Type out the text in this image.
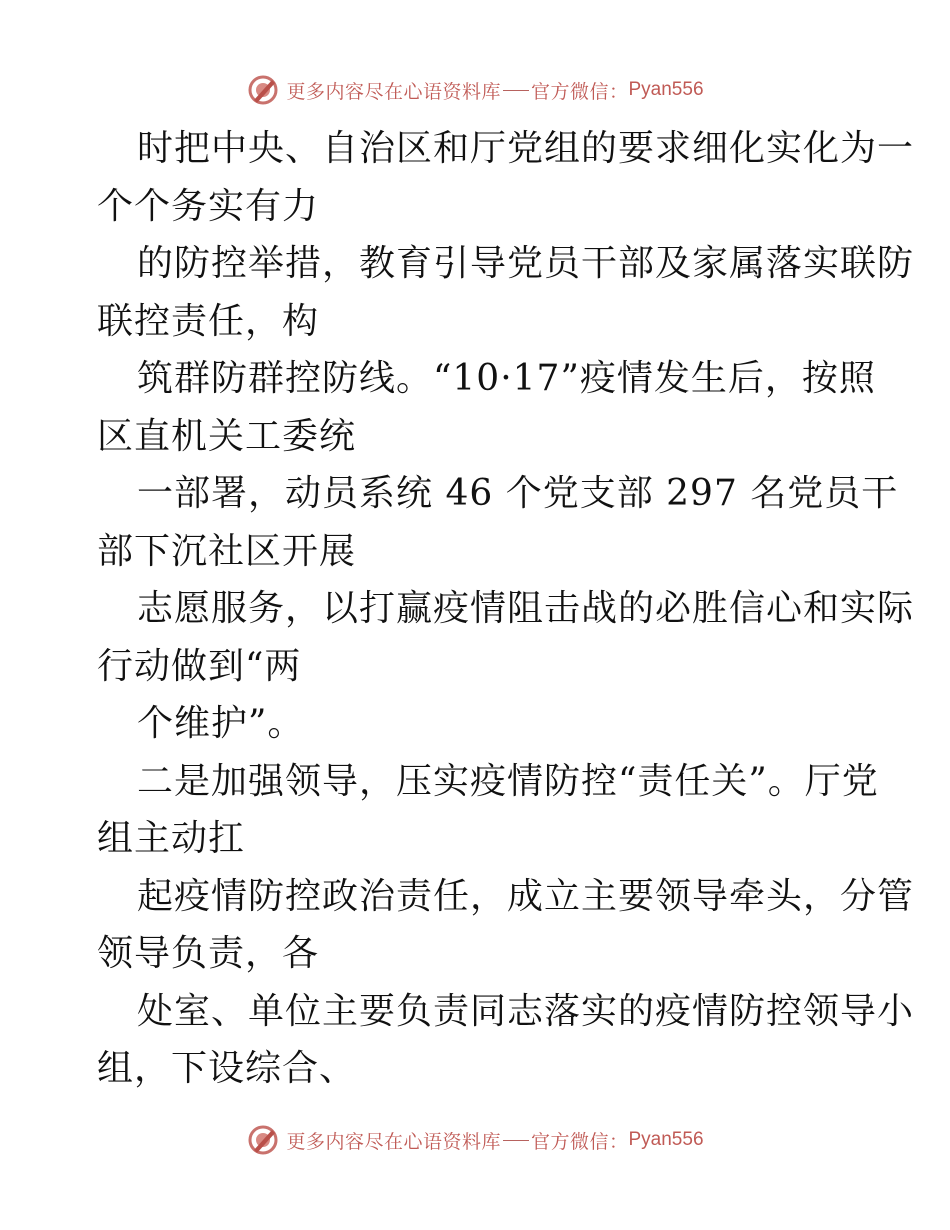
更多内容尽在心语资料库 官方微信： Pyan556
时把中央、自治区和厅党组的要求细化实化为一
个个务实有力
的防控举措，教育引导党员干部及家属落实联防
联控责任，构
筑群防群控防线。“10·17”疫情发生后，按照
区直机关工委统
一部署，动员系统 46 个党支部 297 名党员干
部下沉社区开展
志愿服务，以打赢疫情阻击战的必胜信心和实际
行动做到“两
个维护”。
二是加强领导，压实疫情防控“责任关”。厅党
组主动扛
起疫情防控政治责任，成立主要领导牵头，分管
领导负责，各
处室、单位主要负责同志落实的疫情防控领导小
组，下设综合、
更多内容尽在心语资料库 官方微信： Pyan556
